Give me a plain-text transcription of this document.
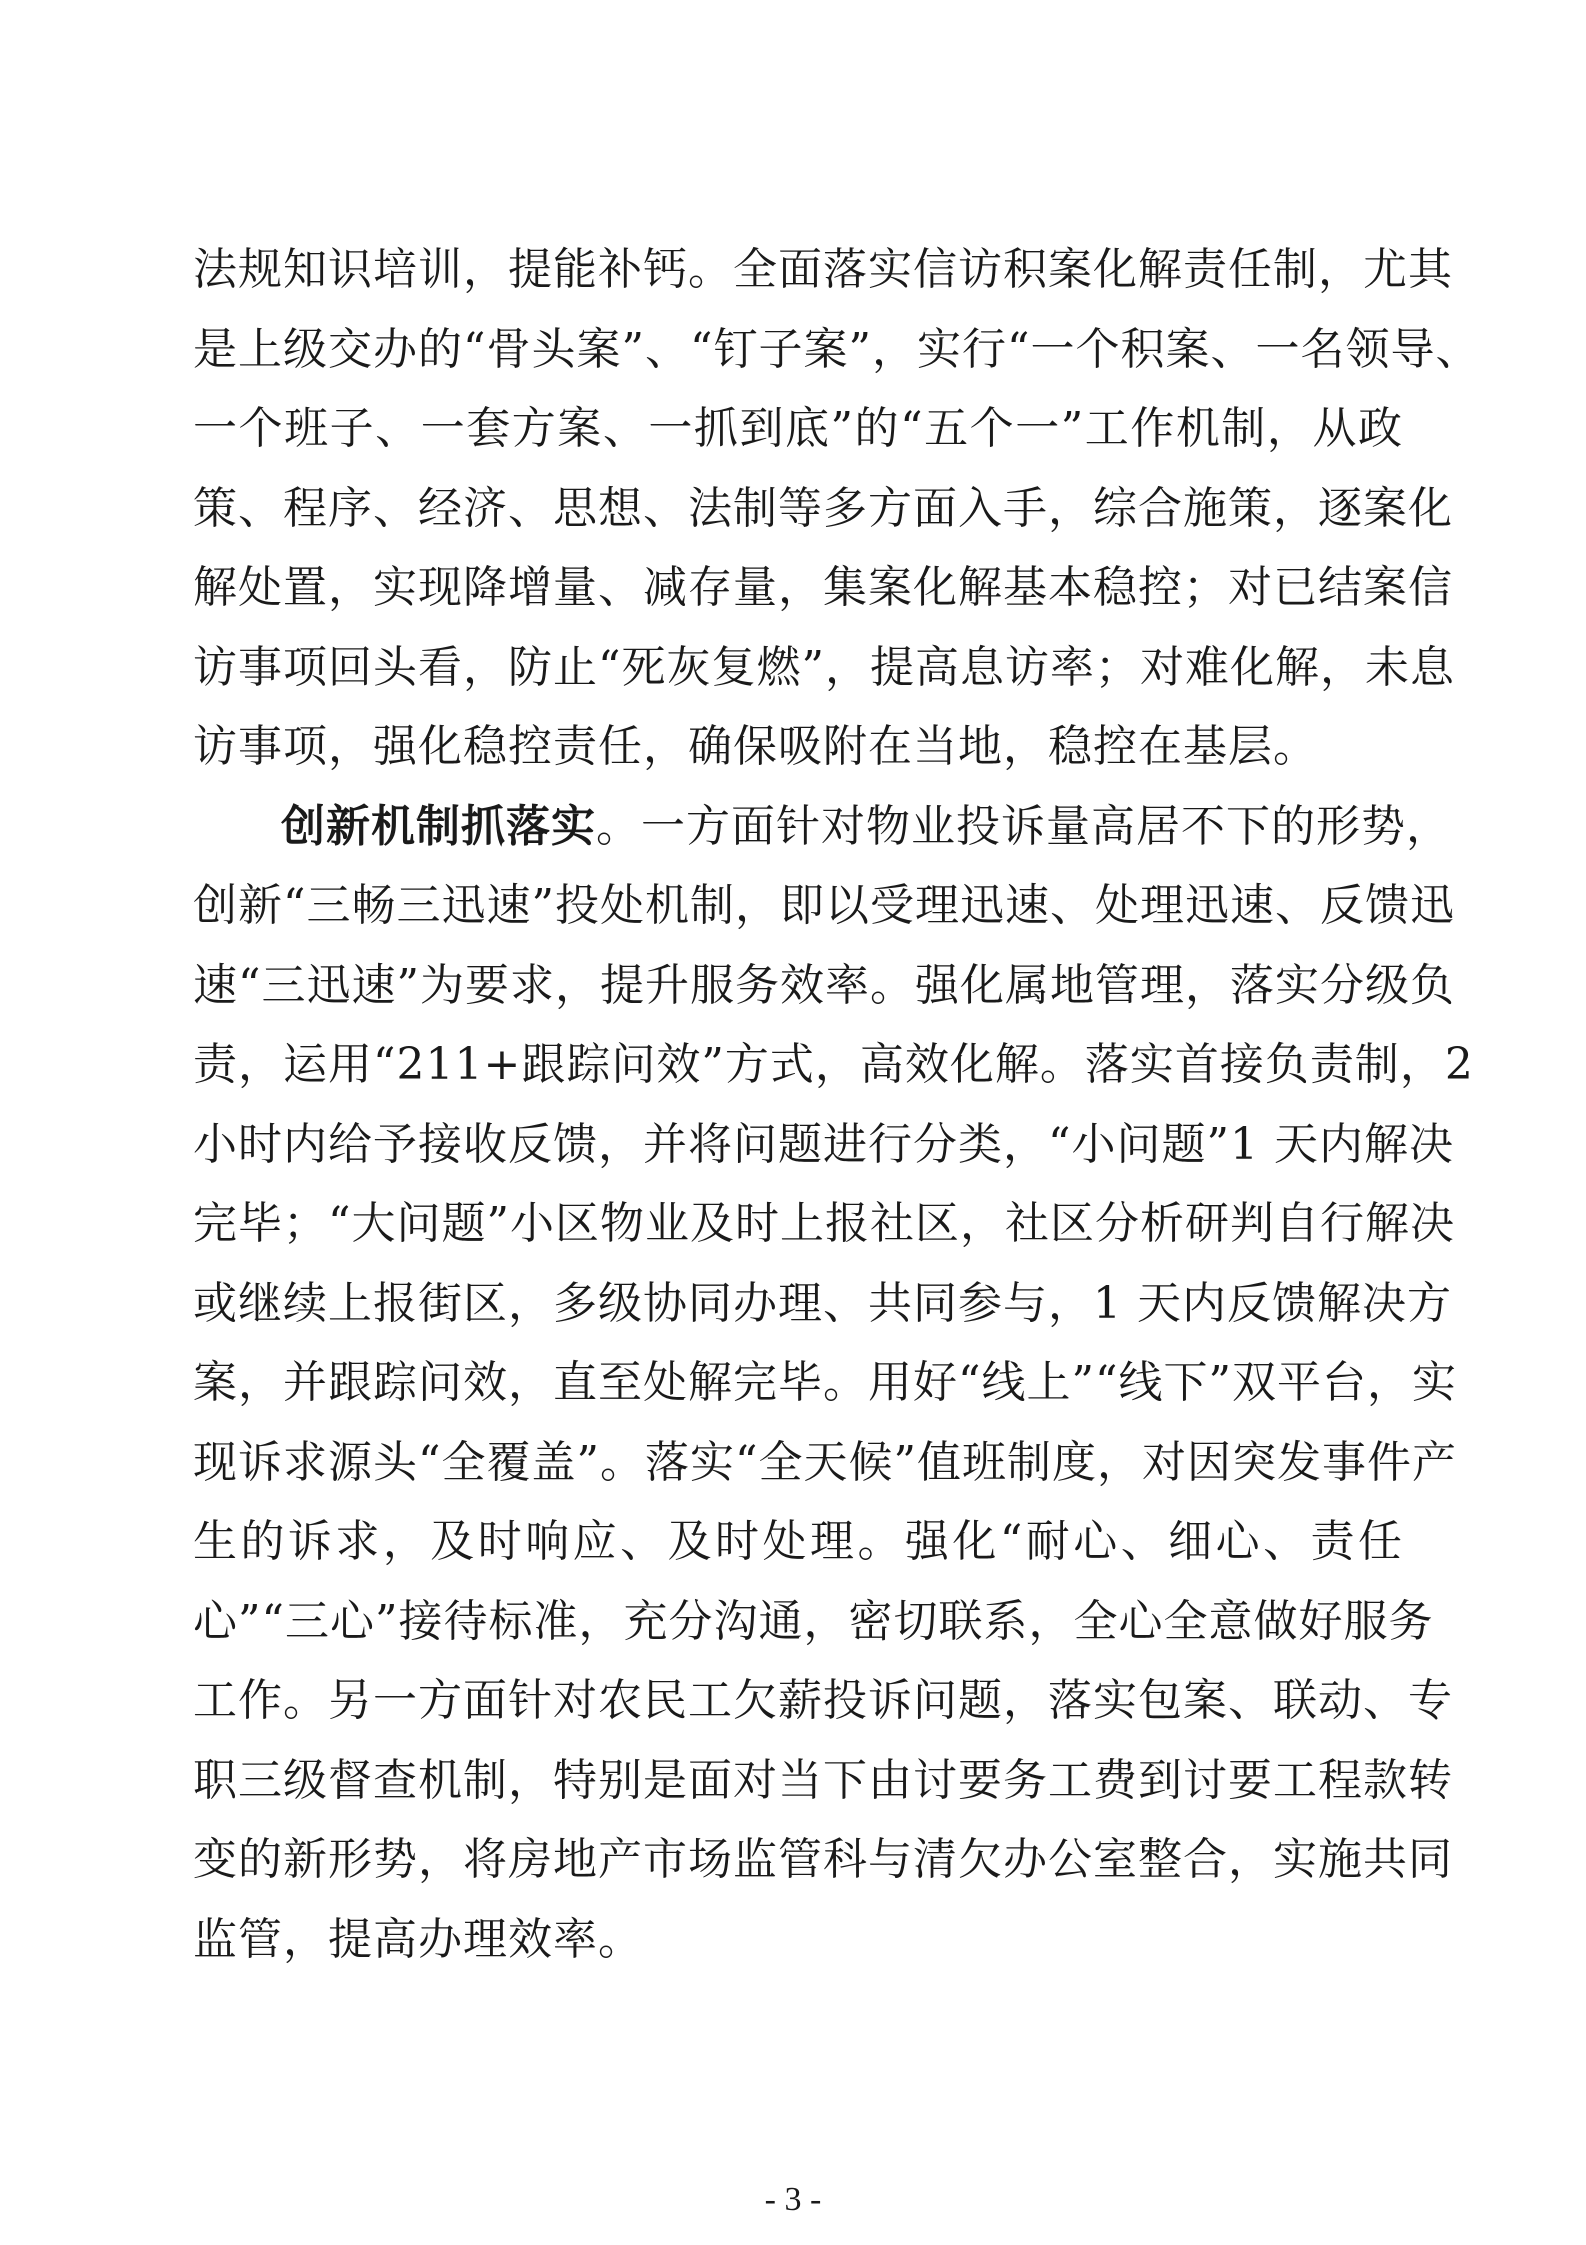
法规知识培训，提能补钙。全面落实信访积案化解责任制，尤其
是上级交办的“骨头案”、“钉子案”，实行“一个积案、一名领导、
一个班子、一套方案、一抓到底”的“五个一”工作机制，从政
策、程序、经济、思想、法制等多方面入手，综合施策，逐案化
解处置，实现降增量、减存量，集案化解基本稳控；对已结案信
访事项回头看，防止“死灰复燃”，提高息访率；对难化解，未息
访事项，强化稳控责任，确保吸附在当地，稳控在基层。
创新机制抓落实。一方面针对物业投诉量高居不下的形势，
创新“三畅三迅速”投处机制，即以受理迅速、处理迅速、反馈迅
速“三迅速”为要求，提升服务效率。强化属地管理，落实分级负
责，运用“211+跟踪问效”方式，高效化解。落实首接负责制，2
小时内给予接收反馈，并将问题进行分类，“小问题”1 天内解决
完毕；“大问题”小区物业及时上报社区，社区分析研判自行解决
或继续上报街区，多级协同办理、共同参与，1 天内反馈解决方
案，并跟踪问效，直至处解完毕。用好“线上”“线下”双平台，实
现诉求源头“全覆盖”。落实“全天候”值班制度，对因突发事件产
生的诉求，及时响应、及时处理。强化“耐心、细心、责任
心”“三心”接待标准，充分沟通，密切联系，全心全意做好服务
工作。另一方面针对农民工欠薪投诉问题，落实包案、联动、专
职三级督查机制，特别是面对当下由讨要务工费到讨要工程款转
变的新形势，将房地产市场监管科与清欠办公室整合，实施共同
监管，提高办理效率。
- 3 -
